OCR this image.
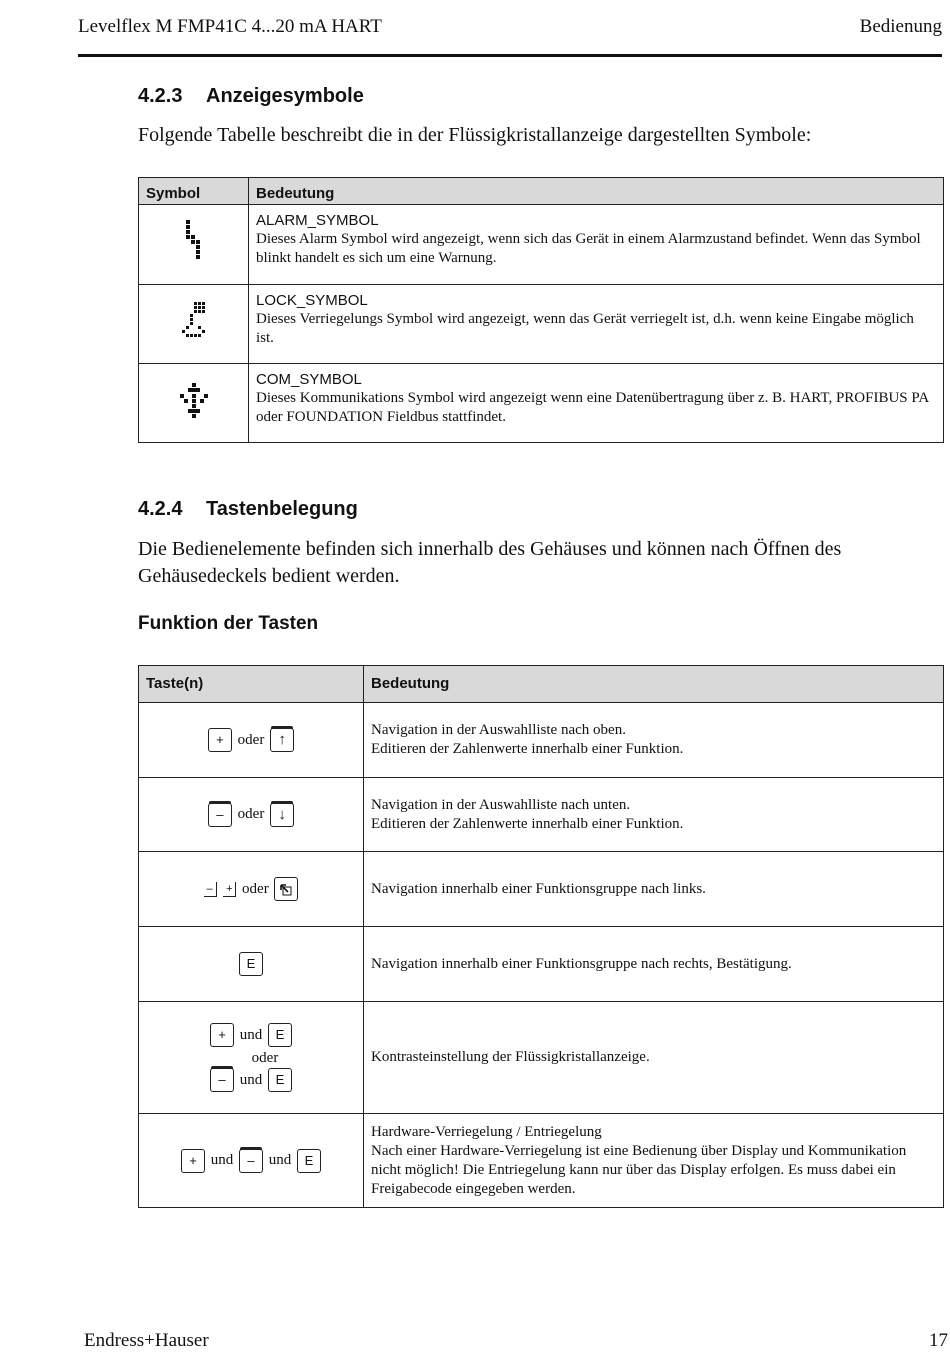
Levelflex M FMP41C 4...20 mA HART	Bedienung
4.2.3 Anzeigesymbole
Folgende Tabelle beschreibt die in der Flüssigkristallanzeige dargestellten Symbole:
Symbol	Bedeutung

ALARM_SYMBOL
Dieses Alarm Symbol wird angezeigt, wenn sich das Gerät in einem Alarmzustand befindet. Wenn das Symbol blinkt handelt es sich um eine Warnung.

LOCK_SYMBOL
Dieses Verriegelungs Symbol wird angezeigt, wenn das Gerät verriegelt ist, d.h. wenn keine Eingabe möglich ist.

COM_SYMBOL
Dieses Kommunikations Symbol wird angezeigt wenn eine Datenübertragung über z. B. HART, PROFIBUS PA oder FOUNDATION Fieldbus stattfindet.
4.2.4 Tastenbelegung
Die Bedienelemente befinden sich innerhalb des Gehäuses und können nach Öffnen des Gehäusedeckels bedient werden.
Funktion der Tasten
Taste(n)	Bedeutung
+ oder ↑	Navigation in der Auswahlliste nach oben.
Editieren der Zahlenwerte innerhalb einer Funktion.
– oder ↓	Navigation in der Auswahlliste nach unten.
Editieren der Zahlenwerte innerhalb einer Funktion.
– + oder	Navigation innerhalb einer Funktionsgruppe nach links.
E	Navigation innerhalb einer Funktionsgruppe nach rechts, Bestätigung.

+ und E
oder
– und E	Kontrasteinstellung der Flüssigkristallanzeige.
+ und – und E	Hardware-Verriegelung / Entriegelung
Nach einer Hardware-Verriegelung ist eine Bedienung über Display und Kommunikation nicht möglich! Die Entriegelung kann nur über das Display erfolgen. Es muss dabei ein Freigabecode eingegeben werden.
Endress+Hauser	17
